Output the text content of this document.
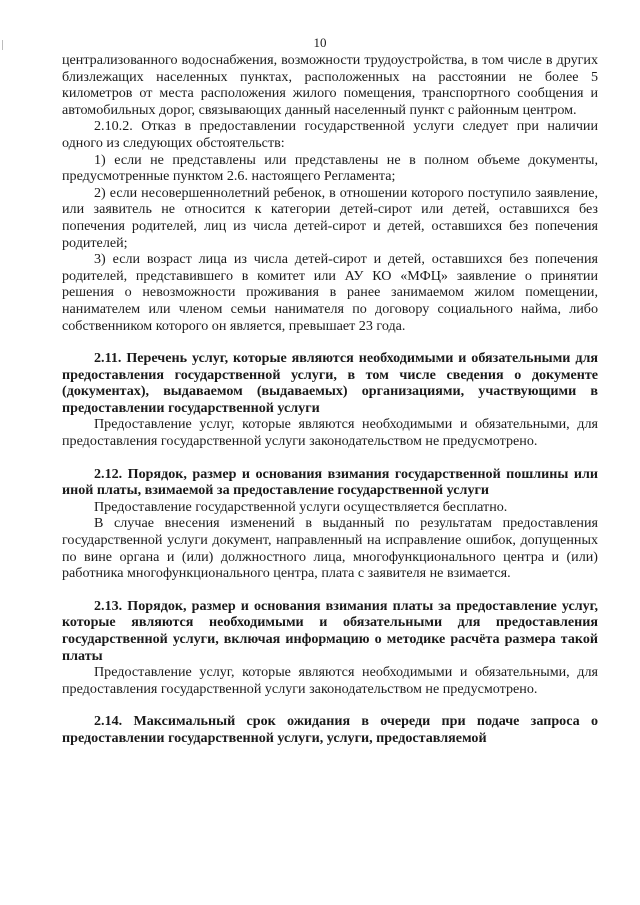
10

централизованного водоснабжения, возможности трудоустройства, в том числе в других близлежащих населенных пунктах, расположенных на расстоянии не более 5 километров от места расположения жилого помещения, транспортного сообщения и автомобильных дорог, связывающих данный населенный пункт с районным центром.

2.10.2. Отказ в предоставлении государственной услуги следует при наличии одного из следующих обстоятельств:

1) если не представлены или представлены не в полном объеме документы, предусмотренные пунктом 2.6. настоящего Регламента;

2) если несовершеннолетний ребенок, в отношении которого поступило заявление, или заявитель не относится к категории детей-сирот или детей, оставшихся без попечения родителей, лиц из числа детей-сирот и детей, оставшихся без попечения родителей;

3) если возраст лица из числа детей-сирот и детей, оставшихся без попечения родителей, представившего в комитет или АУ КО «МФЦ» заявление о принятии решения о невозможности проживания в ранее занимаемом жилом помещении, нанимателем или членом семьи нанимателя по договору социального найма, либо собственником которого он является, превышает 23 года.

2.11. Перечень услуг, которые являются необходимыми и обязательными для предоставления государственной услуги, в том числе сведения о документе (документах), выдаваемом (выдаваемых) организациями, участвующими в предоставлении государственной услуги

Предоставление услуг, которые являются необходимыми и обязательными, для предоставления государственной услуги законодательством не предусмотрено.

2.12. Порядок, размер и основания взимания государственной пошлины или иной платы, взимаемой за предоставление государственной услуги

Предоставление государственной услуги осуществляется бесплатно.

В случае внесения изменений в выданный по результатам предоставления государственной услуги документ, направленный на исправление ошибок, допущенных по вине органа и (или) должностного лица, многофункционального центра и (или) работника многофункционального центра, плата с заявителя не взимается.

2.13. Порядок, размер и основания взимания платы за предоставление услуг, которые являются необходимыми и обязательными для предоставления государственной услуги, включая информацию о методике расчёта размера такой платы

Предоставление услуг, которые являются необходимыми и обязательными, для предоставления государственной услуги законодательством не предусмотрено.

2.14. Максимальный срок ожидания в очереди при подаче запроса о предоставлении государственной услуги, услуги, предоставляемой
